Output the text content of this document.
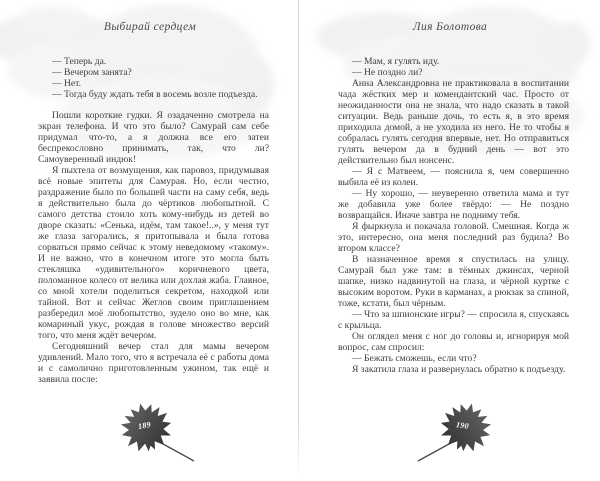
Выбирай сердцем

— Теперь да.

— Вечером занята?

— Нет.

— Тогда буду ждать тебя в восемь возле подъезда.

Пошли короткие гудки. Я озадаченно смотрела на экран телефона. И что это было? Самурай сам себе придумал что-то, а я должна все его затеи беспрекословно принимать, так, что ли? Самоуверенный индюк!

Я пыхтела от возмущения, как паровоз, придумывая всё новые эпитеты для Самурая. Но, если честно, раздражение было по большей части на саму себя, ведь я действительно была до чёртиков любопытной. С самого детства стоило хоть кому-нибудь из детей во дворе сказать: «Сенька, идём, там такое!..», у меня тут же глаза загорались, я притопывала и была готова сорваться прямо сейчас к этому неведомому «такому». И не важно, что в конечном итоге это могла быть стекляшка «удивительного» коричневого цвета, поломанное колесо от велика или дохлая жаба. Главное, со мной хотели поделиться секретом, находкой или тайной. Вот и сейчас Жеглов своим приглашением разбередил моё любопытство, зудело оно во мне, как комариный укус, рождая в голове множество версий того, что меня ждёт вечером.

Сегодняшний вечер стал для мамы вечером удивлений. Мало того, что я встречала её с работы дома и с самолично приготовленным ужином, так ещё и заявила после:

189
Лия Болотова

— Мам, я гулять иду.

— Не поздно ли?

Анна Александровна не практиковала в воспитании чада жёстких мер и комендантский час. Просто от неожиданности она не знала, что надо сказать в такой ситуации. Ведь раньше дочь, то есть я, в это время приходила домой, а не уходила из него. Не то чтобы я собралась гулять сегодня впервые, нет. Но отправиться гулять вечером да в будний день — вот это действительно был нонсенс.

— Я с Матвеем, — пояснила я, чем совершенно выбила её из колеи.

— Ну хорошо, — неуверенно ответила мама и тут же добавила уже более твёрдо: — Не поздно возвращайся. Иначе завтра не подниму тебя.

Я фыркнула и покачала головой. Смешная. Когда ж это, интересно, она меня последний раз будила? Во втором классе?

В назначенное время я спустилась на улицу. Самурай был уже там: в тёмных джинсах, черной шапке, низко надвинутой на глаза, и чёрной куртке с высоким воротом. Руки в карманах, а рюкзак за спиной, тоже, кстати, был чёрным.

— Что за шпионские игры? — спросила я, спускаясь с крыльца.

Он оглядел меня с ног до головы и, игнорируя мой вопрос, сам спросил:

— Бежать сможешь, если что?

Я закатила глаза и развернулась обратно к подъезду.

190
